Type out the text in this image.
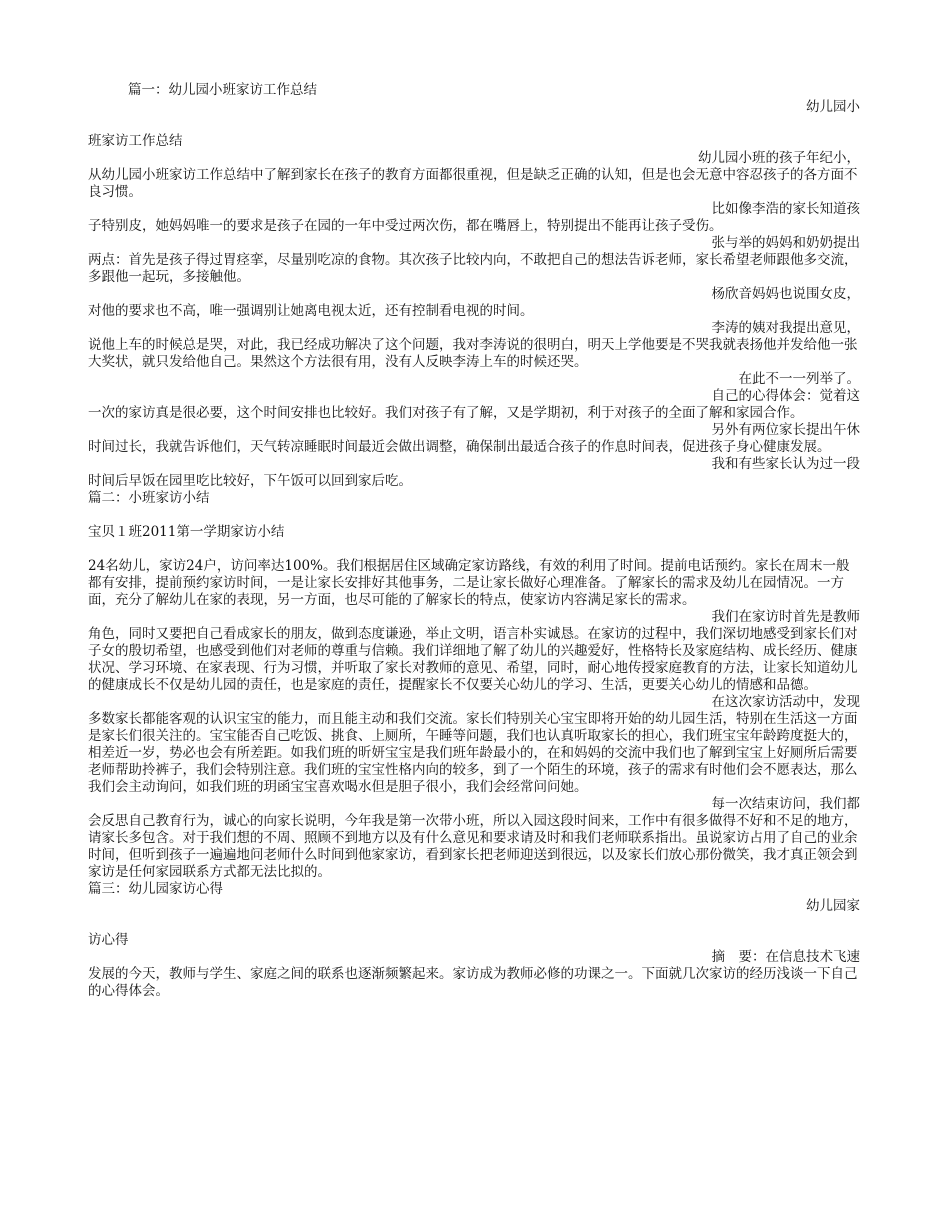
篇一：幼儿园小班家访工作总结
幼儿园小
班家访工作总结
幼儿园小班的孩子年纪小，
从幼儿园小班家访工作总结中了解到家长在孩子的教育方面都很重视，但是缺乏正确的认知，但是也会无意中容忍孩子的各方面不良习惯。
比如像李浩的家长知道孩
子特别皮，她妈妈唯一的要求是孩子在园的一年中受过两次伤，都在嘴唇上，特别提出不能再让孩子受伤。
张与举的妈妈和奶奶提出
两点：首先是孩子得过胃痉挛，尽量别吃凉的食物。其次孩子比较内向，不敢把自己的想法告诉老师，家长希望老师跟他多交流，多跟他一起玩，多接触他。
杨欣音妈妈也说围女皮，
对他的要求也不高，唯一强调别让她离电视太近，还有控制看电视的时间。
李涛的姨对我提出意见，
说他上车的时候总是哭，对此，我已经成功解决了这个问题，我对李涛说的很明白，明天上学他要是不哭我就表扬他并发给他一张大奖状，就只发给他自己。果然这个方法很有用，没有人反映李涛上车的时候还哭。
在此不一一列举了。
自己的心得体会：觉着这
一次的家访真是很必要，这个时间安排也比较好。我们对孩子有了解，又是学期初，利于对孩子的全面了解和家园合作。
另外有两位家长提出午休
时间过长，我就告诉他们，天气转凉睡眠时间最近会做出调整，确保制出最适合孩子的作息时间表，促进孩子身心健康发展。
我和有些家长认为过一段
时间后早饭在园里吃比较好，下午饭可以回到家后吃。
篇二：小班家访小结
宝贝１班2011第一学期家访小结
24名幼儿，家访24户，访问率达100%。我们根据居住区域确定家访路线，有效的利用了时间。提前电话预约。家长在周末一般都有安排，提前预约家访时间，一是让家长安排好其他事务，二是让家长做好心理准备。了解家长的需求及幼儿在园情况。一方面，充分了解幼儿在家的表现，另一方面，也尽可能的了解家长的特点，使家访内容满足家长的需求。
我们在家访时首先是教师
角色，同时又要把自己看成家长的朋友，做到态度谦逊，举止文明，语言朴实诚恳。在家访的过程中，我们深切地感受到家长们对子女的殷切希望，也感受到他们对老师的尊重与信赖。我们详细地了解了幼儿的兴趣爱好，性格特长及家庭结构、成长经历、健康状况、学习环境、在家表现、行为习惯，并听取了家长对教师的意见、希望，同时，耐心地传授家庭教育的方法，让家长知道幼儿的健康成长不仅是幼儿园的责任，也是家庭的责任，提醒家长不仅要关心幼儿的学习、生活，更要关心幼儿的情感和品德。
在这次家访活动中，发现
多数家长都能客观的认识宝宝的能力，而且能主动和我们交流。家长们特别关心宝宝即将开始的幼儿园生活，特别在生活这一方面是家长们很关注的。宝宝能否自己吃饭、挑食、上厕所，午睡等问题，我们也认真听取家长的担心，我们班宝宝年龄跨度挺大的，相差近一岁，势必也会有所差距。如我们班的昕妍宝宝是我们班年龄最小的，在和妈妈的交流中我们也了解到宝宝上好厕所后需要老师帮助拎裤子，我们会特别注意。我们班的宝宝性格内向的较多，到了一个陌生的环境，孩子的需求有时他们会不愿表达，那么我们会主动询问，如我们班的玥函宝宝喜欢喝水但是胆子很小，我们会经常问问她。
每一次结束访问，我们都
会反思自己教育行为，诚心的向家长说明，今年我是第一次带小班，所以入园这段时间来，工作中有很多做得不好和不足的地方，请家长多包含。对于我们想的不周、照顾不到地方以及有什么意见和要求请及时和我们老师联系指出。虽说家访占用了自己的业余时间，但听到孩子一遍遍地问老师什么时间到他家家访，看到家长把老师迎送到很远，以及家长们放心那份微笑，我才真正领会到家访是任何家园联系方式都无法比拟的。
篇三：幼儿园家访心得
幼儿园家
访心得
摘　要：在信息技术飞速
发展的今天，教师与学生、家庭之间的联系也逐渐频繁起来。家访成为教师必修的功课之一。下面就几次家访的经历浅谈一下自己的心得体会。
